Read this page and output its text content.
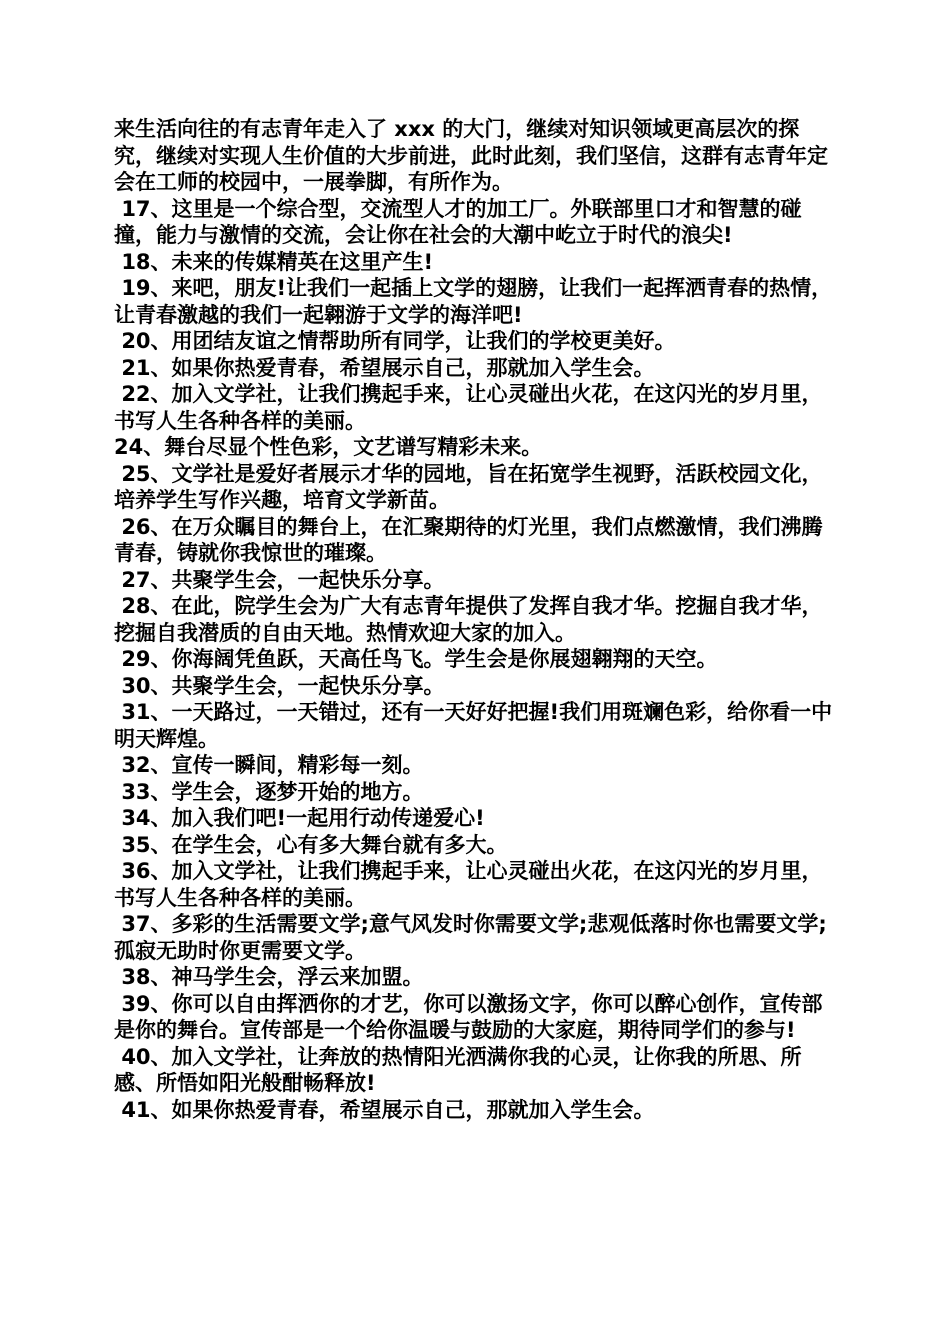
来生活向往的有志青年走入了 xxx 的大门，继续对知识领域更高层次的探究，继续对实现人生价值的大步前进，此时此刻，我们坚信，这群有志青年定会在工师的校园中，一展拳脚，有所作为。

17、这里是一个综合型，交流型人才的加工厂。外联部里口才和智慧的碰撞，能力与激情的交流，会让你在社会的大潮中屹立于时代的浪尖!

18、未来的传媒精英在这里产生!

19、来吧，朋友!让我们一起插上文学的翅膀，让我们一起挥洒青春的热情，让青春激越的我们一起翱游于文学的海洋吧!

20、用团结友谊之情帮助所有同学，让我们的学校更美好。

21、如果你热爱青春，希望展示自己，那就加入学生会。

22、加入文学社，让我们携起手来，让心灵碰出火花，在这闪光的岁月里，书写人生各种各样的美丽。

24、舞台尽显个性色彩，文艺谱写精彩未来。

25、文学社是爱好者展示才华的园地，旨在拓宽学生视野，活跃校园文化，培养学生写作兴趣，培育文学新苗。

26、在万众瞩目的舞台上，在汇聚期待的灯光里，我们点燃激情，我们沸腾青春，铸就你我惊世的璀璨。

27、共聚学生会，一起快乐分享。

28、在此，院学生会为广大有志青年提供了发挥自我才华。挖掘自我才华，挖掘自我潜质的自由天地。热情欢迎大家的加入。

29、你海阔凭鱼跃，天高任鸟飞。学生会是你展翅翱翔的天空。

30、共聚学生会，一起快乐分享。

31、一天路过，一天错过，还有一天好好把握!我们用斑斓色彩，给你看一中明天辉煌。

32、宣传一瞬间，精彩每一刻。

33、学生会，逐梦开始的地方。

34、加入我们吧!一起用行动传递爱心!

35、在学生会，心有多大舞台就有多大。

36、加入文学社，让我们携起手来，让心灵碰出火花，在这闪光的岁月里，书写人生各种各样的美丽。

37、多彩的生活需要文学;意气风发时你需要文学;悲观低落时你也需要文学;孤寂无助时你更需要文学。

38、神马学生会，浮云来加盟。

39、你可以自由挥洒你的才艺，你可以激扬文字，你可以醉心创作，宣传部是你的舞台。宣传部是一个给你温暖与鼓励的大家庭，期待同学们的参与!

40、加入文学社，让奔放的热情阳光洒满你我的心灵，让你我的所思、所感、所悟如阳光般酣畅释放!

41、如果你热爱青春，希望展示自己，那就加入学生会。
